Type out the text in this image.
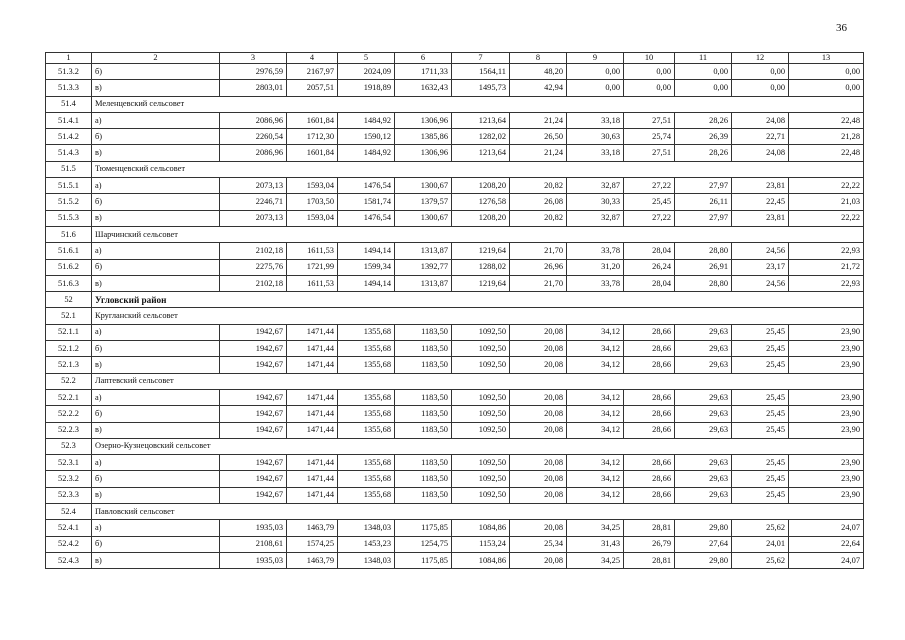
36
1	2	3	4	5	6	7	8	9	10	11	12	13
51.3.2	б)	2976,59	2167,97	2024,09	1711,33	1564,11	48,20	0,00	0,00	0,00	0,00	0,00
51.3.3	в)	2803,01	2057,51	1918,89	1632,43	1495,73	42,94	0,00	0,00	0,00	0,00	0,00
51.4	Меленцевский сельсовет											
51.4.1	а)	2086,96	1601,84	1484,92	1306,96	1213,64	21,24	33,18	27,51	28,26	24,08	22,48
51.4.2	б)	2260,54	1712,30	1590,12	1385,86	1282,02	26,50	30,63	25,74	26,39	22,71	21,28
51.4.3	в)	2086,96	1601,84	1484,92	1306,96	1213,64	21,24	33,18	27,51	28,26	24,08	22,48
51.5	Тюменцевский сельсовет											
51.5.1	а)	2073,13	1593,04	1476,54	1300,67	1208,20	20,82	32,87	27,22	27,97	23,81	22,22
51.5.2	б)	2246,71	1703,50	1581,74	1379,57	1276,58	26,08	30,33	25,45	26,11	22,45	21,03
51.5.3	в)	2073,13	1593,04	1476,54	1300,67	1208,20	20,82	32,87	27,22	27,97	23,81	22,22
51.6	Шарчинский сельсовет											
51.6.1	а)	2102,18	1611,53	1494,14	1313,87	1219,64	21,70	33,78	28,04	28,80	24,56	22,93
51.6.2	б)	2275,76	1721,99	1599,34	1392,77	1288,02	26,96	31,20	26,24	26,91	23,17	21,72
51.6.3	в)	2102,18	1611,53	1494,14	1313,87	1219,64	21,70	33,78	28,04	28,80	24,56	22,93
52	Угловский район											
52.1	Кругланский сельсовет											
52.1.1	а)	1942,67	1471,44	1355,68	1183,50	1092,50	20,08	34,12	28,66	29,63	25,45	23,90
52.1.2	б)	1942,67	1471,44	1355,68	1183,50	1092,50	20,08	34,12	28,66	29,63	25,45	23,90
52.1.3	в)	1942,67	1471,44	1355,68	1183,50	1092,50	20,08	34,12	28,66	29,63	25,45	23,90
52.2	Лаптевский сельсовет											
52.2.1	а)	1942,67	1471,44	1355,68	1183,50	1092,50	20,08	34,12	28,66	29,63	25,45	23,90
52.2.2	б)	1942,67	1471,44	1355,68	1183,50	1092,50	20,08	34,12	28,66	29,63	25,45	23,90
52.2.3	в)	1942,67	1471,44	1355,68	1183,50	1092,50	20,08	34,12	28,66	29,63	25,45	23,90
52.3	Озерно-Кузнецовский сельсовет											
52.3.1	а)	1942,67	1471,44	1355,68	1183,50	1092,50	20,08	34,12	28,66	29,63	25,45	23,90
52.3.2	б)	1942,67	1471,44	1355,68	1183,50	1092,50	20,08	34,12	28,66	29,63	25,45	23,90
52.3.3	в)	1942,67	1471,44	1355,68	1183,50	1092,50	20,08	34,12	28,66	29,63	25,45	23,90
52.4	Павловский сельсовет											
52.4.1	а)	1935,03	1463,79	1348,03	1175,85	1084,86	20,08	34,25	28,81	29,80	25,62	24,07
52.4.2	б)	2108,61	1574,25	1453,23	1254,75	1153,24	25,34	31,43	26,79	27,64	24,01	22,64
52.4.3	в)	1935,03	1463,79	1348,03	1175,85	1084,86	20,08	34,25	28,81	29,80	25,62	24,07
